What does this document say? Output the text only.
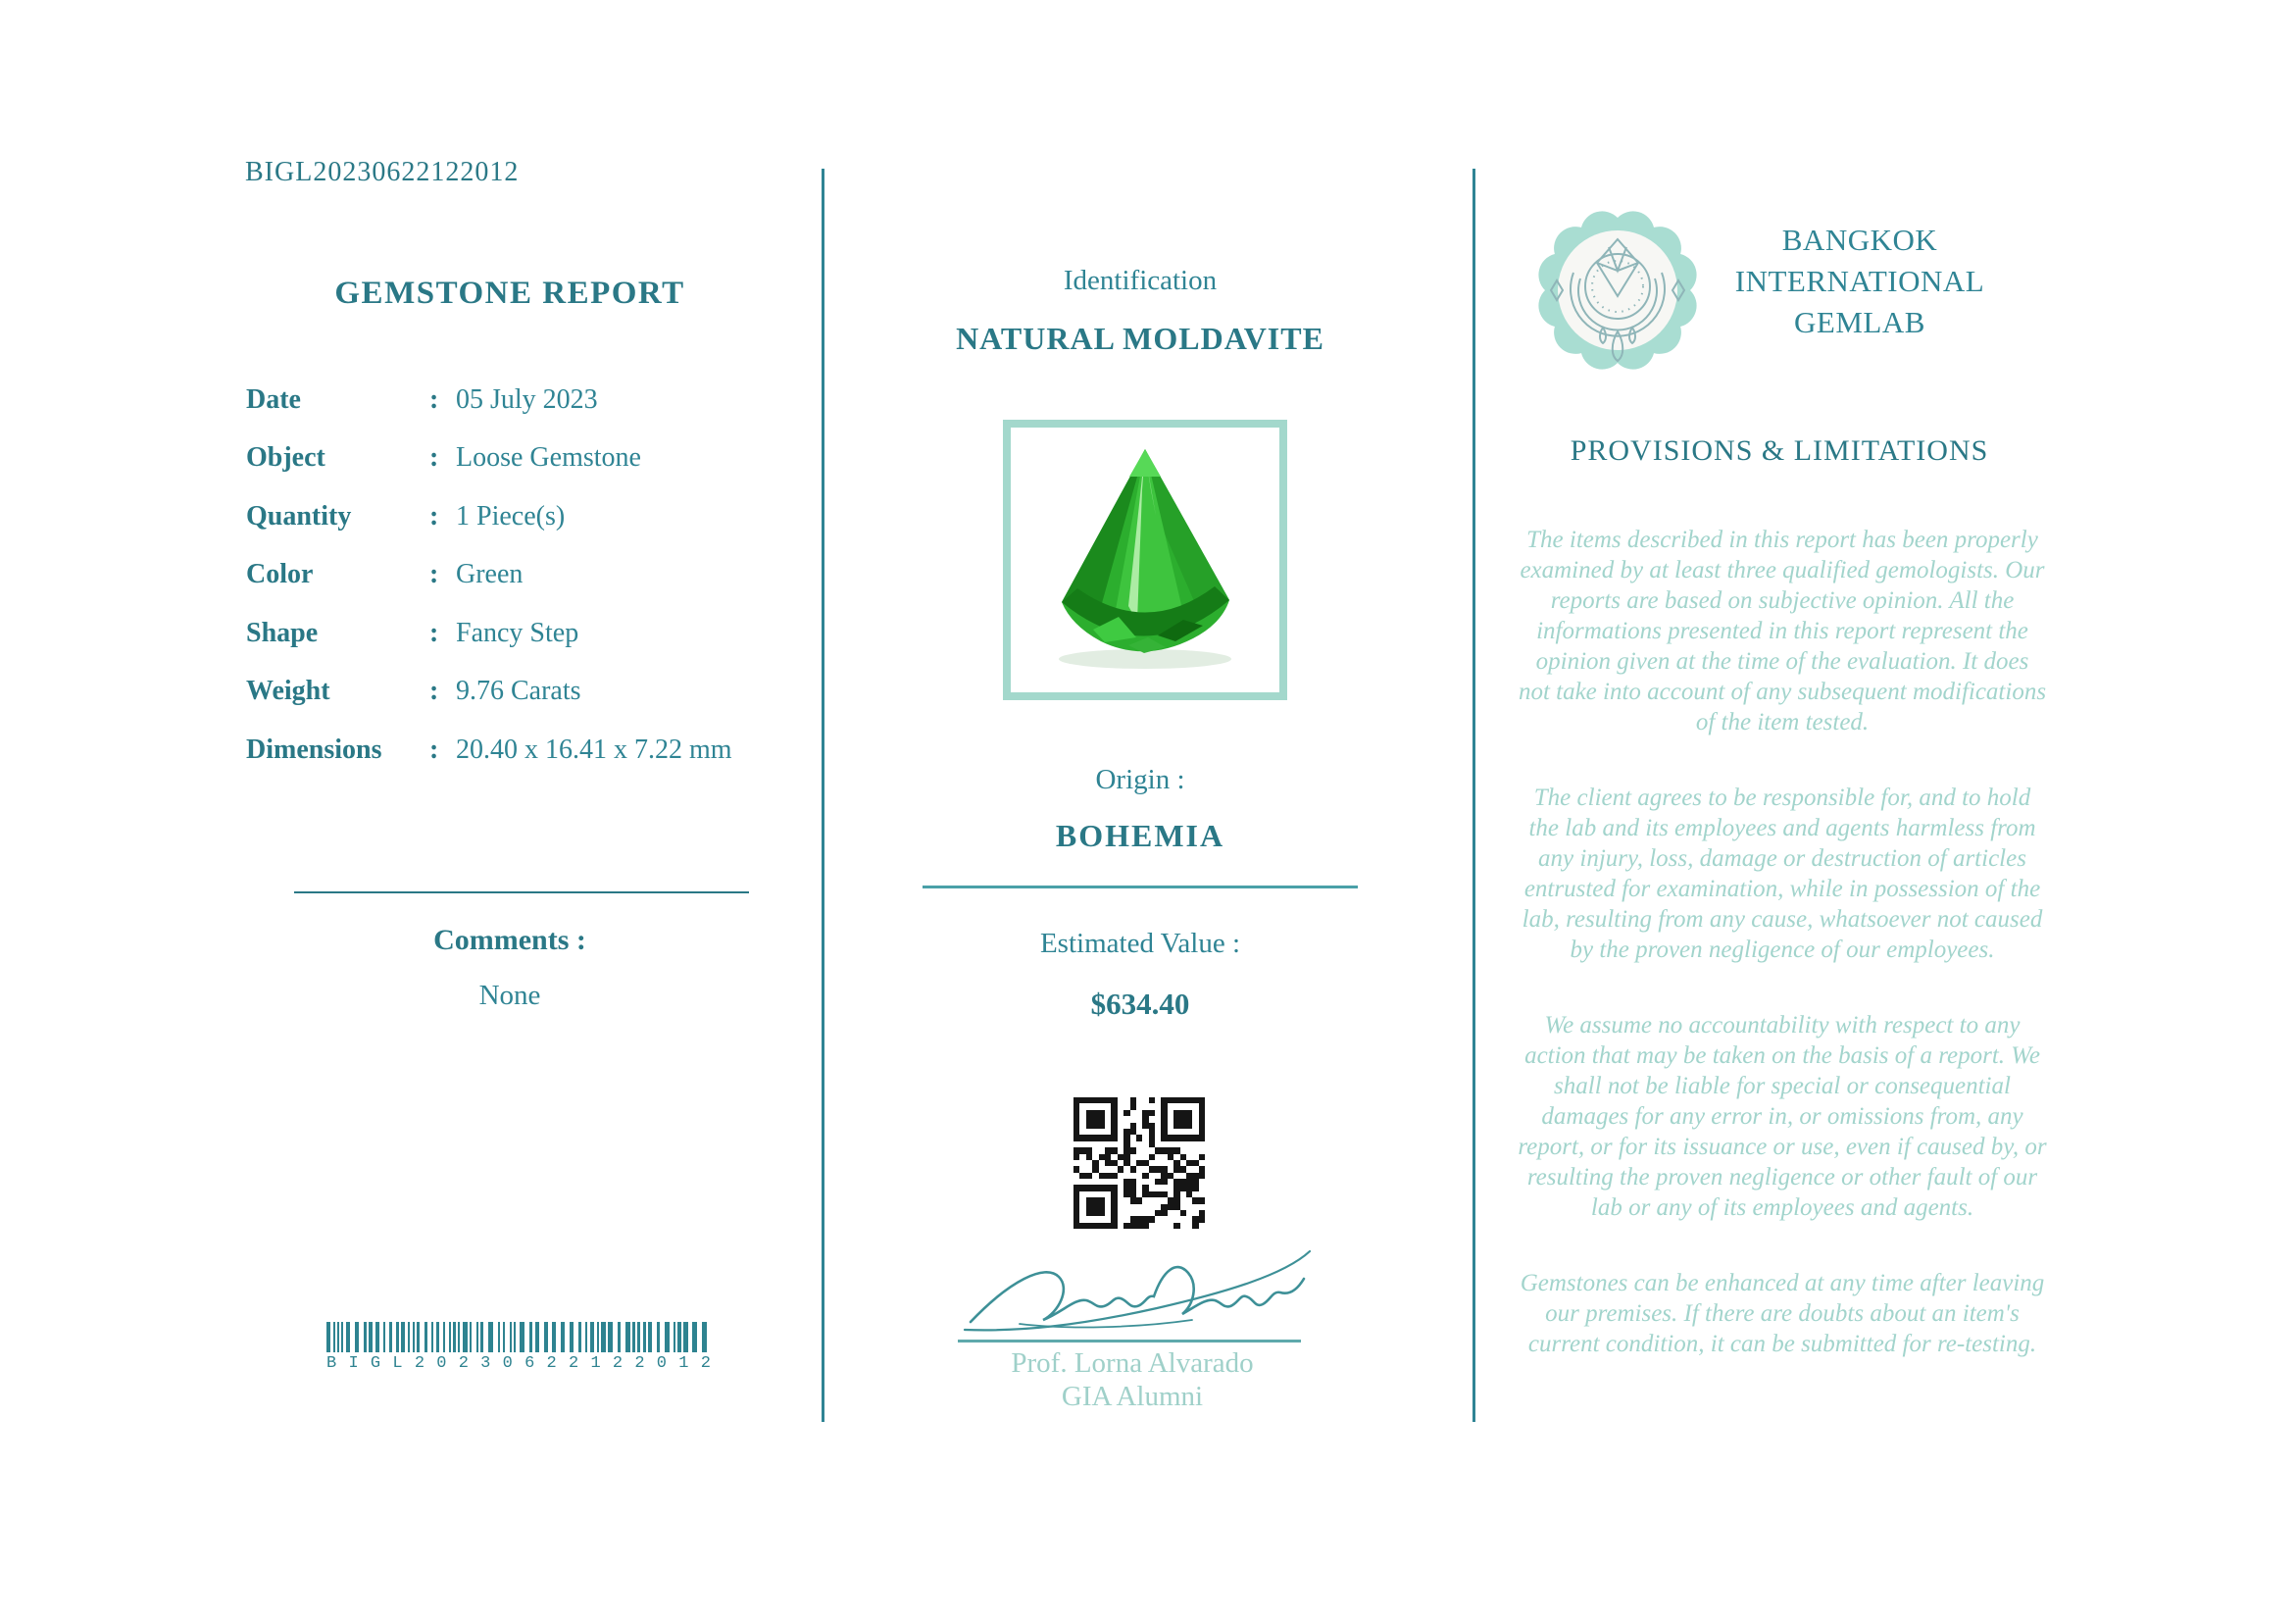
BIGL20230622122012
GEMSTONE REPORT
Date	: 05 July 2023
Object	: Loose Gemstone
Quantity	: 1 Piece(s)
Color	: Green
Shape	: Fancy Step
Weight	: 9.76 Carats
Dimensions	: 20.40 x 16.41 x 7.22 mm
Comments :
None
B I G L 2 0 2 3 0 6 2 2 1 2 2 0 1 2
Identification
NATURAL MOLDAVITE
Origin :
BOHEMIA
Estimated Value :
$634.40
Prof. Lorna Alvarado
GIA Alumni
BANGKOK
INTERNATIONAL
GEMLAB
PROVISIONS & LIMITATIONS

The items described in this report has been properly examined by at least three qualified gemologists. Our reports are based on subjective opinion. All the informations presented in this report represent the opinion given at the time of the evaluation. It does not take into account of any subsequent modifications of the item tested.

The client agrees to be responsible for, and to hold the lab and its employees and agents harmless from any injury, loss, damage or destruction of articles entrusted for examination, while in possession of the lab, resulting from any cause, whatsoever not caused by the proven negligence of our employees.

We assume no accountability with respect to any action that may be taken on the basis of a report. We shall not be liable for special or consequential damages for any error in, or omissions from, any report, or for its issuance or use, even if caused by, or resulting the proven negligence or other fault of our lab or any of its employees and agents.

Gemstones can be enhanced at any time after leaving our premises. If there are doubts about an item's current condition, it can be submitted for re-testing.
